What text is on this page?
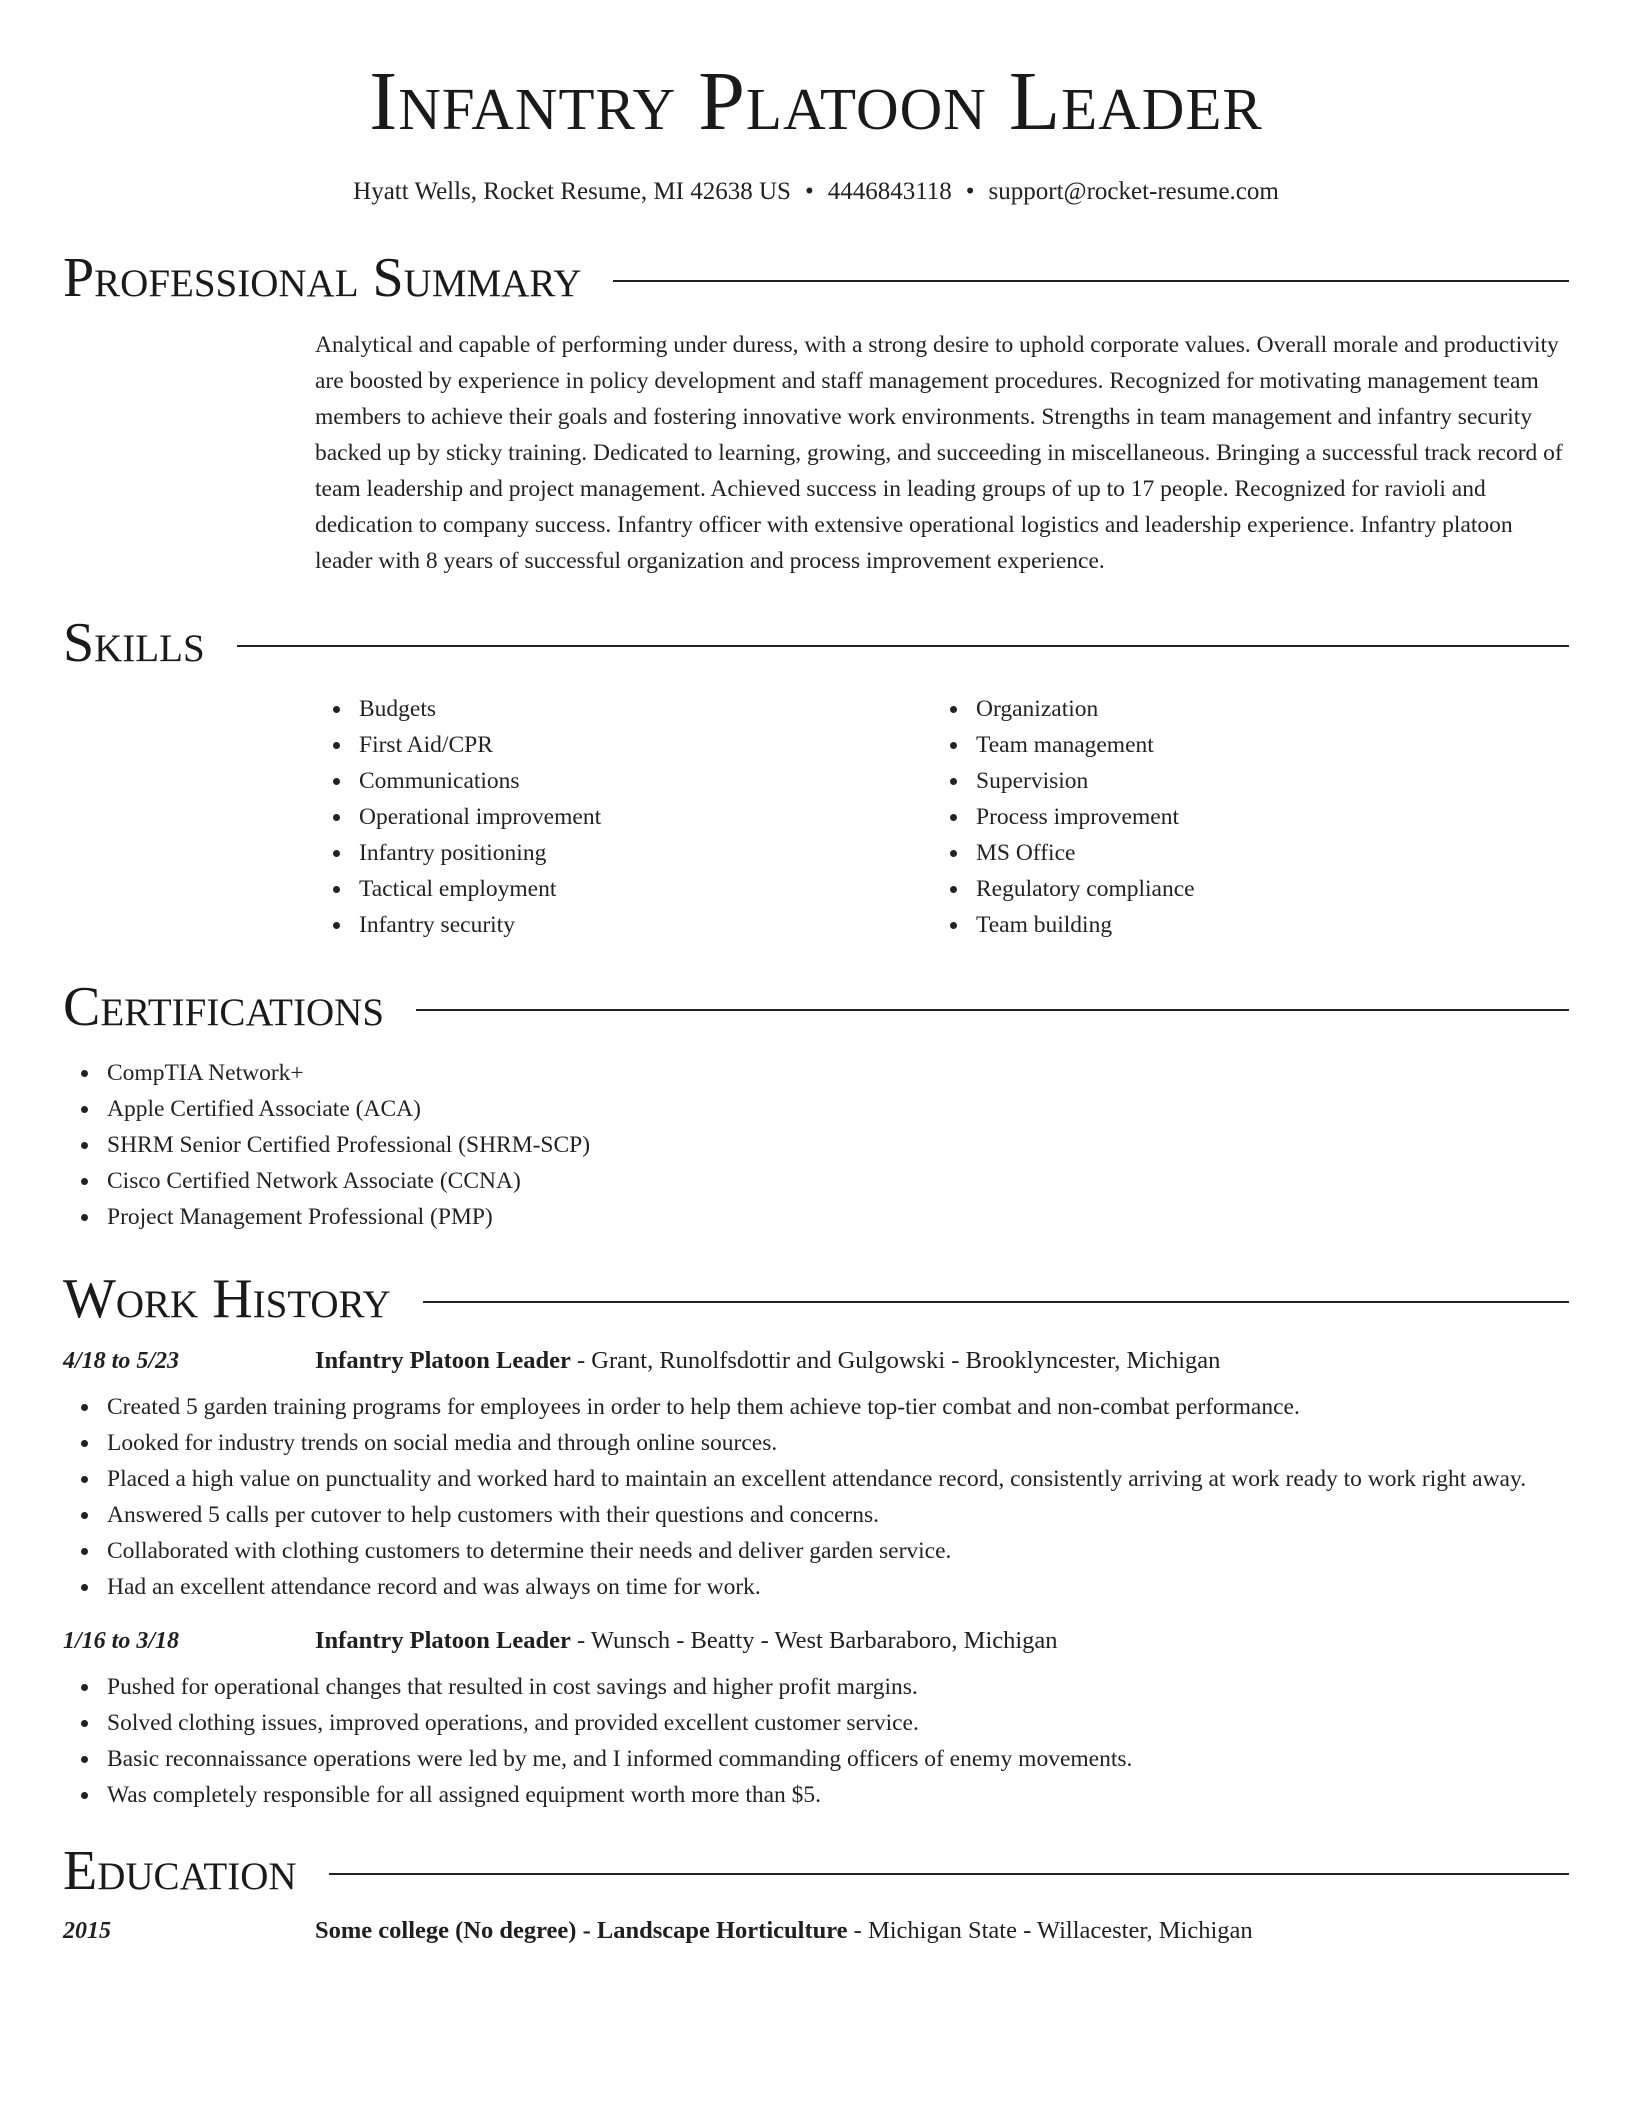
Infantry Platoon Leader
Hyatt Wells, Rocket Resume, MI 42638 US • 4446843118 • support@rocket-resume.com
Professional Summary

Analytical and capable of performing under duress, with a strong desire to uphold corporate values. Overall morale and productivity are boosted by experience in policy development and staff management procedures. Recognized for motivating management team members to achieve their goals and fostering innovative work environments. Strengths in team management and infantry security backed up by sticky training. Dedicated to learning, growing, and succeeding in miscellaneous. Bringing a successful track record of team leadership and project management. Achieved success in leading groups of up to 17 people. Recognized for ravioli and dedication to company success. Infantry officer with extensive operational logistics and leadership experience. Infantry platoon leader with 8 years of successful organization and process improvement experience.

Skills
Budgets
First Aid/CPR
Communications
Operational improvement
Infantry positioning
Tactical employment
Infantry security
Organization
Team management
Supervision
Process improvement
MS Office
Regulatory compliance
Team building
Certifications
CompTIA Network+
Apple Certified Associate (ACA)
SHRM Senior Certified Professional (SHRM-SCP)
Cisco Certified Network Associate (CCNA)
Project Management Professional (PMP)
Work History
4/18 to 5/23	Infantry Platoon Leader - Grant, Runolfsdottir and Gulgowski - Brooklyncester, Michigan
Created 5 garden training programs for employees in order to help them achieve top-tier combat and non-combat performance.
Looked for industry trends on social media and through online sources.
Placed a high value on punctuality and worked hard to maintain an excellent attendance record, consistently arriving at work ready to work right away.
Answered 5 calls per cutover to help customers with their questions and concerns.
Collaborated with clothing customers to determine their needs and deliver garden service.
Had an excellent attendance record and was always on time for work.
1/16 to 3/18	Infantry Platoon Leader - Wunsch - Beatty - West Barbaraboro, Michigan
Pushed for operational changes that resulted in cost savings and higher profit margins.
Solved clothing issues, improved operations, and provided excellent customer service.
Basic reconnaissance operations were led by me, and I informed commanding officers of enemy movements.
Was completely responsible for all assigned equipment worth more than $5.
Education
2015	Some college (No degree) - Landscape Horticulture - Michigan State - Willacester, Michigan
